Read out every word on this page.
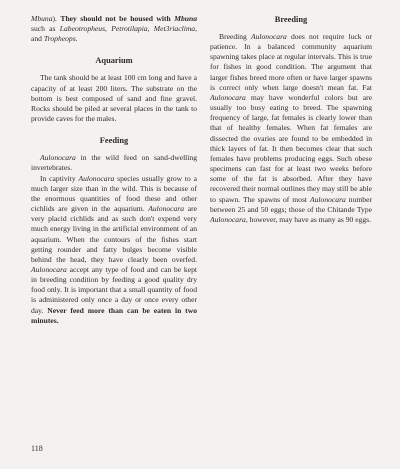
Mbuna). They should not be housed with Mbuna such as Labeotropheus, Petrotilapia, Met3riaclima, and Tropheops.

Aquarium

The tank should be at least 100 cm long and have a capacity of at least 200 liters. The substrate on the bottom is best composed of sand and fine gravel. Rocks should be piled at several places in the tank to provide caves for the males.

Feeding

Aulonocara in the wild feed on sand-dwelling invertebrates.

In captivity Aulonocara species usually grow to a much larger size than in the wild. This is because of the enormous quantities of food these and other cichlids are given in the aquarium. Aulonocara are very placid cichlids and as such don't expend very much energy living in the artificial environment of an aquarium. When the contours of the fishes start getting rounder and fatty bulges become visible behind the head, they have clearly been overfed. Aulonocara accept any type of food and can be kept in breeding condition by feeding a good quality dry food only. It is important that a small quantity of food is administered only once a day or once every other day. Never feed more than can be eaten in two minutes.

Breeding

Breeding Aulonocara does not require luck or patience. In a balanced community aquarium spawning takes place at regular intervals. This is true for fishes in good condition. The argument that larger fishes breed more often or have larger spawns is correct only when large doesn't mean fat. Fat Aulonocara may have wonderful colors but are usually too busy eating to breed. The spawning frequency of large, fat females is clearly lower than that of healthy females. When fat females are dissected the ovaries are found to be embedded in thick layers of fat. It then becomes clear that such females have problems producing eggs. Such obese specimens can fast for at least two weeks before some of the fat is absorbed. After they have recovered their normal outlines they may still be able to spawn. The spawns of most Aulonocara number between 25 and 50 eggs; those of the Chitande Type Aulonocara, however, may have as many as 90 eggs.

118
